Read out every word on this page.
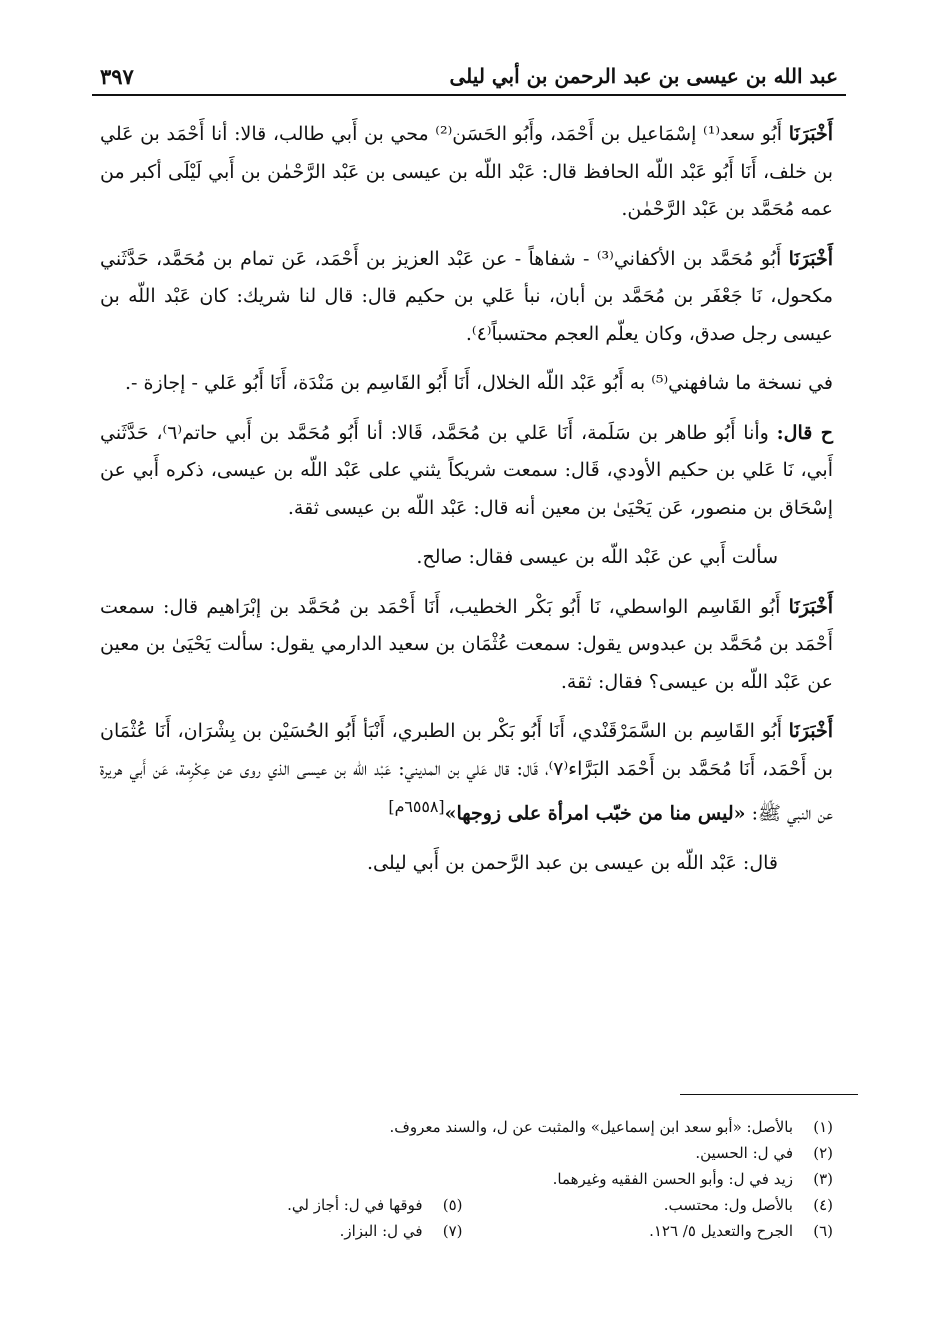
عبد الله بن عيسى بن عبد الرحمن بن أبي ليلى
٣٩٧

أَخْبَرَنَا أَبُو سعد⁽¹⁾ إسْمَاعيل بن أَحْمَد، وأَبُو الحَسَن⁽²⁾ محي بن أَبي طالب، قالا: أنا أَحْمَد بن عَلي بن خلف، أَنَا أَبُو عَبْد اللّه الحافظ قال: عَبْد اللّه بن عيسى بن عَبْد الرَّحْمٰن بن أَبي لَيْلَى أكبر من عمه مُحَمَّد بن عَبْد الرَّحْمٰن.

أَخْبَرَنَا أَبُو مُحَمَّد بن الأكفاني⁽³⁾ - شفاهاً - عن عَبْد العزيز بن أَحْمَد، عَن تمام بن مُحَمَّد، حَدَّثَني مكحول، نَا جَعْفَر بن مُحَمَّد بن أبان، نبأ عَلي بن حكيم قال: قال لنا شريك: كان عَبْد اللّه بن عيسى رجل صدق، وكان يعلّم العجم محتسباً⁽٤⁾.

في نسخة ما شافهني⁽⁵⁾ به أَبُو عَبْد اللّه الخلال، أَنَا أَبُو القَاسِم بن مَنْدَة، أَنَا أَبُو عَلي - إجازة -.

ح قال: وأنا أَبُو طاهر بن سَلَمة، أَنَا عَلي بن مُحَمَّد، قَالا: أنا أَبُو مُحَمَّد بن أَبي حاتم⁽٦⁾، حَدَّثَني أَبي، نَا عَلي بن حكيم الأودي، قَال: سمعت شريكاً يثني على عَبْد اللّه بن عيسى، ذكره أَبي عن إسْحَاق بن منصور، عَن يَحْيَىٰ بن معين أنه قال: عَبْد اللّه بن عيسى ثقة.

سألت أَبي عن عَبْد اللّه بن عيسى فقال: صالح.

أَخْبَرَنَا أَبُو القَاسِم الواسطي، نَا أَبُو بَكْر الخطيب، أَنَا أَحْمَد بن مُحَمَّد بن إبْرَاهيم قال: سمعت أَحْمَد بن مُحَمَّد بن عبدوس يقول: سمعت عُثْمَان بن سعيد الدارمي يقول: سألت يَحْيَىٰ بن معين عن عَبْد اللّه بن عيسى؟ فقال: ثقة.

أَخْبَرَنَا أَبُو القَاسِم بن السَّمَرْقَنْدي، أَنَا أَبُو بَكْر بن الطبري، أَنْبَأ أَبُو الحُسَيْن بن بِشْرَان، أَنَا عُثْمَان بن أَحْمَد، أَنَا مُحَمَّد بن أَحْمَد البَرَّاء⁽٧⁾، قَال: قال عَلي بن المديني: عَبْد اللّه بن عيسى الذي روى عن عِكْرِمة، عَن أَبي هريرة عن النبي ﷺ: «ليس منا من خبّب امرأة على زوجها»[٦٥٥٨م]

قال: عَبْد اللّه بن عيسى بن عبد الرَّحمن بن أَبي ليلى.

(١)بالأصل: «أبو سعد ابن إسماعيل» والمثبت عن ل، والسند معروف.
(٢)في ل: الحسين.
(٣)زيد في ل: وأبو الحسن الفقيه وغيرهما.
(٤)بالأصل ول: محتسب.
(٥)فوقها في ل: أجاز لي.
(٦)الجرح والتعديل ٥/ ١٢٦.
(٧)في ل: البزاز.
